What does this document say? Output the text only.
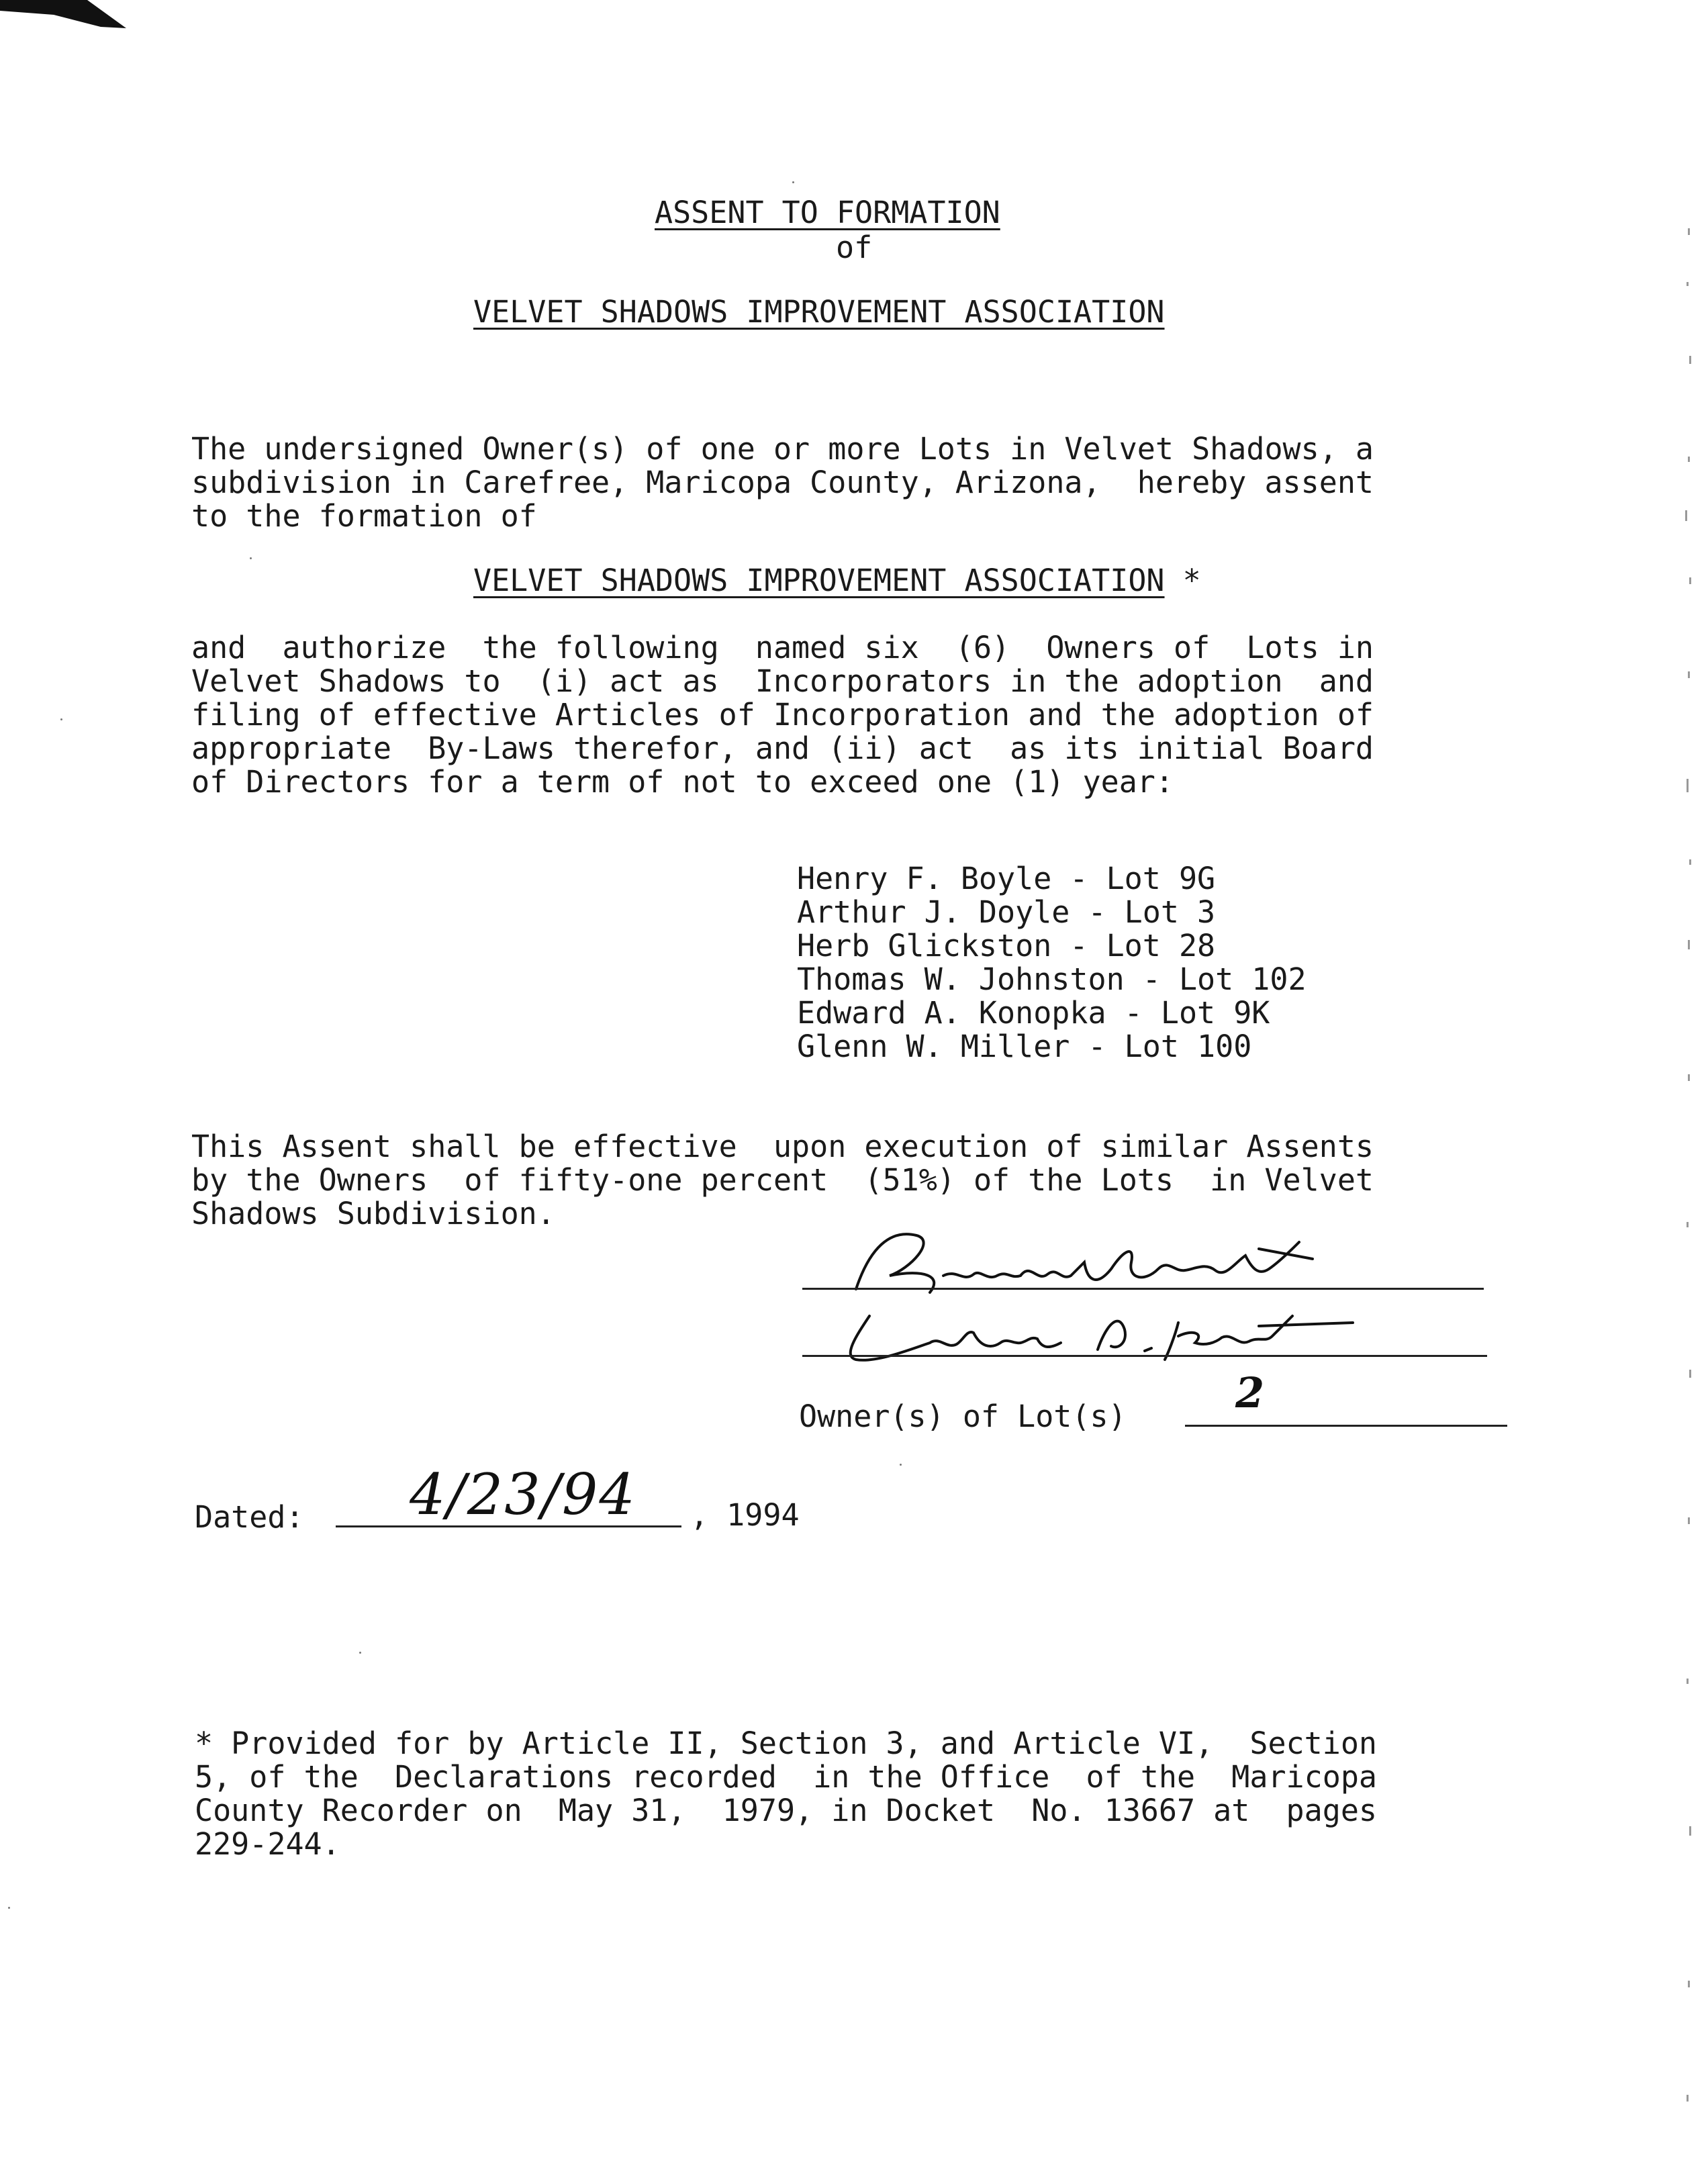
ASSENT TO FORMATION
of
VELVET SHADOWS IMPROVEMENT ASSOCIATION
The undersigned Owner(s) of one or more Lots in Velvet Shadows, a
subdivision in Carefree, Maricopa County, Arizona,  hereby assent
to the formation of
VELVET SHADOWS IMPROVEMENT ASSOCIATION *
and  authorize  the following  named six  (6)  Owners of  Lots in
Velvet Shadows to  (i) act as  Incorporators in the adoption  and
filing of effective Articles of Incorporation and the adoption of
appropriate  By-Laws therefor, and (ii) act  as its initial Board
of Directors for a term of not to exceed one (1) year:
Henry F. Boyle - Lot 9G
Arthur J. Doyle - Lot 3
Herb Glickston - Lot 28
Thomas W. Johnston - Lot 102
Edward A. Konopka - Lot 9K
Glenn W. Miller - Lot 100
This Assent shall be effective  upon execution of similar Assents
by the Owners  of fifty-one percent  (51%) of the Lots  in Velvet
Shadows Subdivision.
Owner(s) of Lot(s)	2
Dated: 4/23/94 , 1994
* Provided for by Article II, Section 3, and Article VI,  Section
5, of the  Declarations recorded  in the Office  of the  Maricopa
County Recorder on  May 31,  1979, in Docket  No. 13667 at  pages
229-244.
